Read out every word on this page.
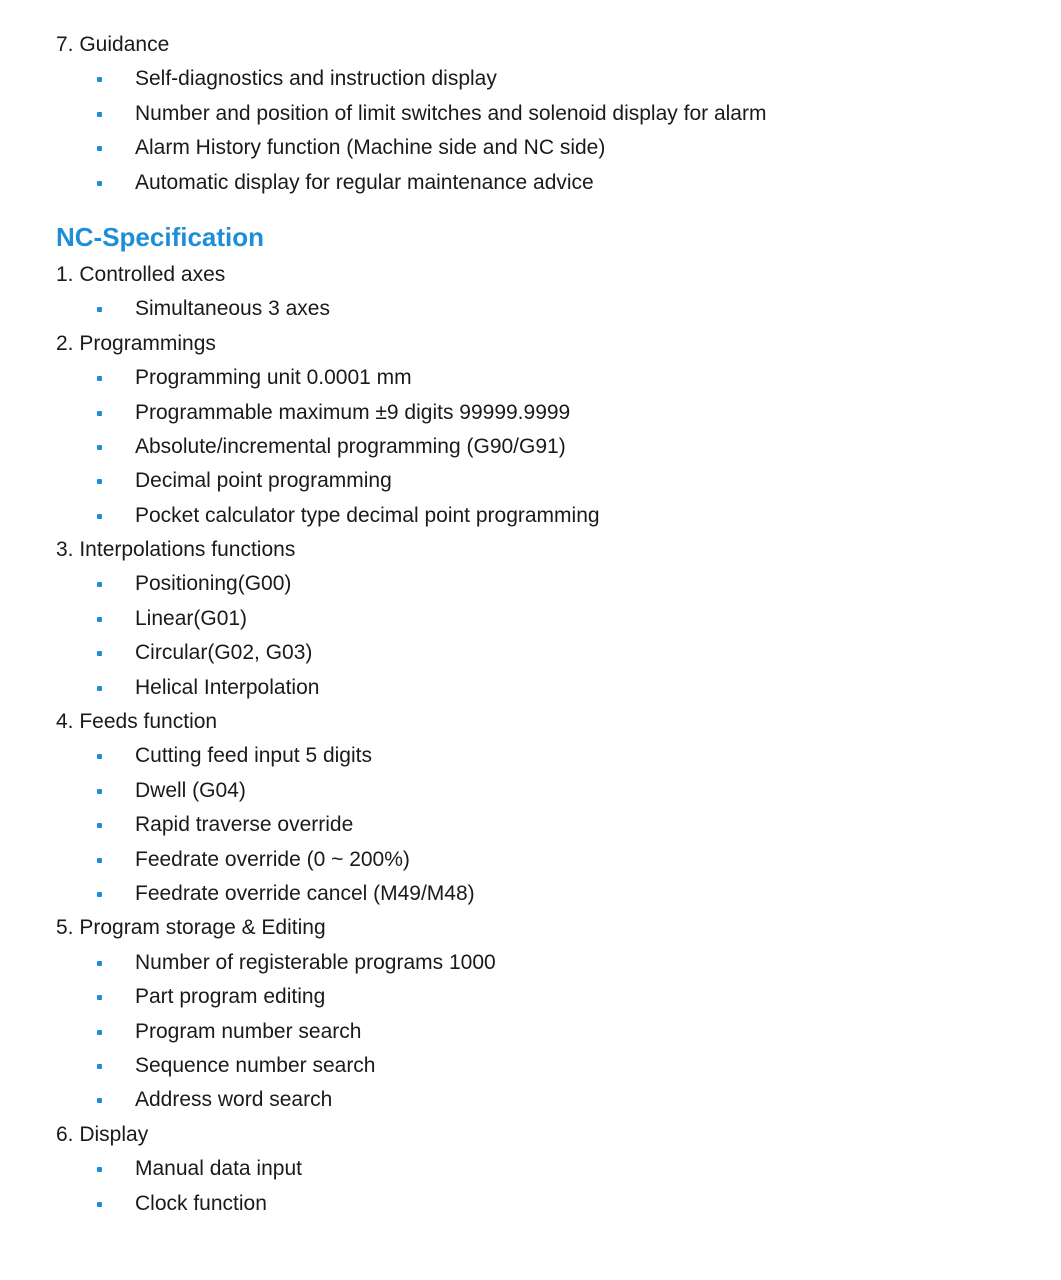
7. Guidance
Self-diagnostics and instruction display
Number and position of limit switches and solenoid display for alarm
Alarm History function (Machine side and NC side)
Automatic display for regular maintenance advice
NC-Specification
1. Controlled axes
Simultaneous 3 axes
2. Programmings
Programming unit 0.0001 mm
Programmable maximum ±9 digits 99999.9999
Absolute/incremental programming (G90/G91)
Decimal point programming
Pocket calculator type decimal point programming
3. Interpolations functions
Positioning(G00)
Linear(G01)
Circular(G02, G03)
Helical Interpolation
4. Feeds function
Cutting feed input 5 digits
Dwell (G04)
Rapid traverse override
Feedrate override (0 ~ 200%)
Feedrate override cancel (M49/M48)
5. Program storage & Editing
Number of registerable programs 1000
Part program editing
Program number search
Sequence number search
Address word search
6. Display
Manual data input
Clock function
